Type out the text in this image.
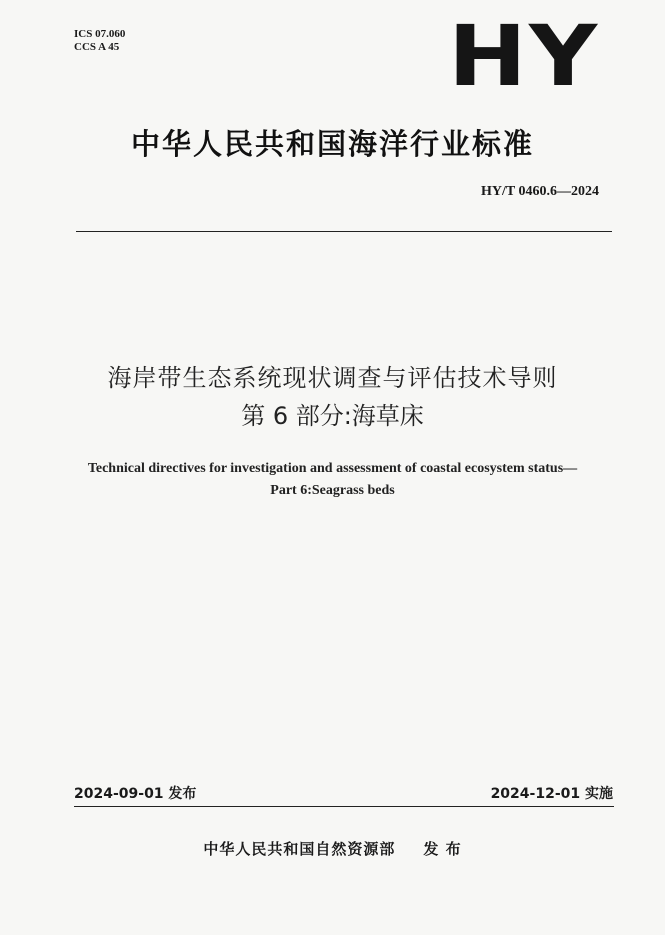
ICS 07.060
CCS A 45	HY
中华人民共和国海洋行业标准
HY/T 0460.6—2024
海岸带生态系统现状调查与评估技术导则
第 6 部分:海草床
Technical directives for investigation and assessment of coastal ecosystem status—
Part 6:Seagrass beds
2024-09-01 发布	2024-12-01 实施
中华人民共和国自然资源部 发 布
